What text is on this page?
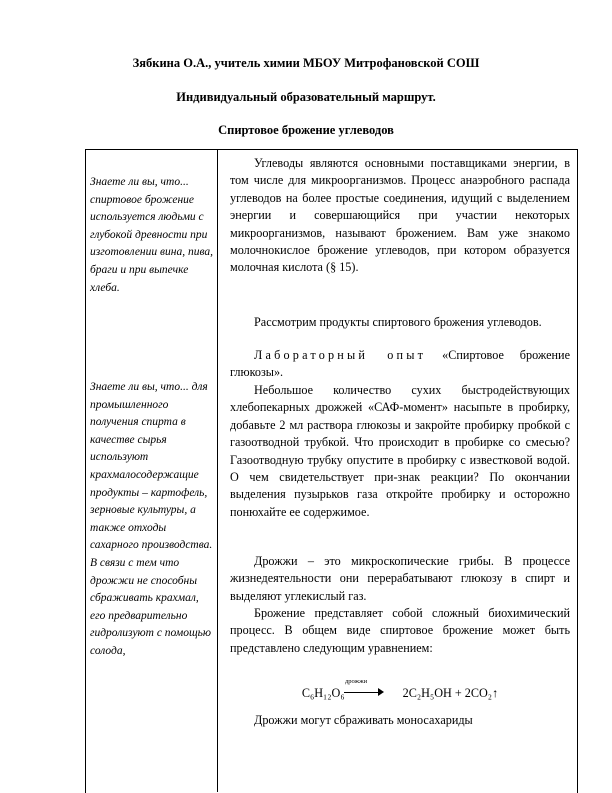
Зябкина О.А., учитель химии МБОУ Митрофановской СОШ
Индивидуальный образовательный маршрут.
Спиртовое брожение углеводов
Знаете ли вы, что... спиртовое брожение используется людьми с глубокой древности при изготовлении вина, пива, браги и при выпечке хлеба.
Знаете ли вы, что... для промышленного получения спирта в качестве сырья используют крахмалосодержащие продукты – картофель, зерновые культуры, а также отходы сахарного производства. В связи с тем что дрожжи не способны сбраживать крахмал, его предварительно гидролизуют с помощью солода,

Углеводы являются основными поставщиками энергии, в том числе для микроорганизмов. Процесс анаэробного распада углеводов на более простые соединения, идущий с выделением энергии и совершающийся при участии некоторых микроорганизмов, называют брожением. Вам уже знакомо молочнокислое брожение углеводов, при котором образуется молочная кислота (§ 15).

Рассмотрим продукты спиртового брожения углеводов.

Лабораторный опыт «Спиртовое брожение глюкозы».

Небольшое количество сухих быстродействующих хлебопекарных дрожжей «САФ-момент» насыпьте в пробирку, добавьте 2 мл раствора глюкозы и закройте пробирку пробкой с газоотводной трубкой. Что происходит в пробирке со смесью? Газоотводную трубку опустите в пробирку с известковой водой. О чем свидетельствует при-знак реакции? По окончании выделения пузырьков газа откройте пробирку и осторожно понюхайте ее содержимое.

Дрожжи – это микроскопические грибы. В процессе жизнедеятельности они перерабатывают глюкозу в спирт и выделяют углекислый газ.

Брожение представляет собой сложный биохимический процесс. В общем виде спиртовое брожение может быть представлено следующим уравнением:

C₆H₁₂O₆	2C₂H₅OH + 2CO₂↑
дрожжи

Дрожжи могут сбраживать моносахариды
